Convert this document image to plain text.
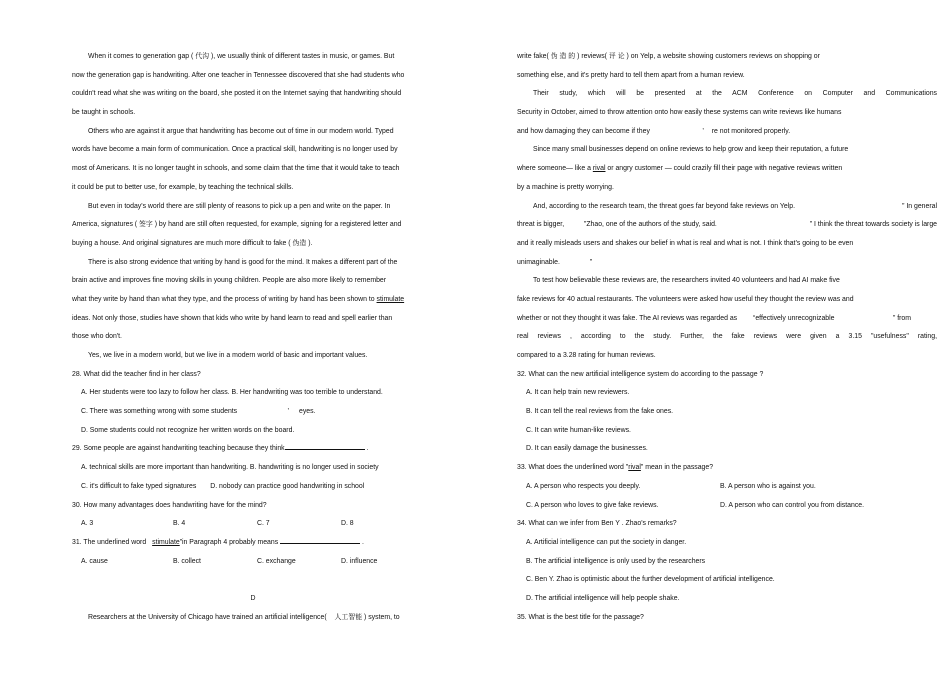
When it comes to generation gap ( 代沟 ), we usually think of different tastes in music, or games. But
now the generation gap is handwriting. After one teacher in Tennessee discovered that she had students who
couldn't read what she was writing on the board, she posted it on the Internet saying that handwriting should
be taught in schools.
Others who are against it argue that handwriting has become out of time in our modern world. Typed
words have become a main form of communication. Once a practical skill, handwriting is no longer used by
most of Americans. It is no longer taught in schools, and some claim that the time that it would take to teach
it could be put to better use, for example, by teaching the technical skills.
But even in today's world there are still plenty of reasons to pick up a pen and write on the paper. In
America, signatures ( 签字 ) by hand are still often requested, for example, signing for a registered letter and
buying a house. And original signatures are much more difficult to fake ( 伪造 ).
There is also strong evidence that writing by hand is good for the mind. It makes a different part of the
brain active and improves fine moving skills in young children. People are also more likely to remember
what they write by hand than what they type, and the process of writing by hand has been shown to stimulate
ideas. Not only those, studies have shown that kids who write by hand learn to read and spell earlier than
those who don't.
Yes, we live in a modern world, but we live in a modern world of basic and important values.
28. What did the teacher find in her class?
A. Her students were too lazy to follow her class. B. Her handwriting was too terrible to understand.
C. There was something wrong with some students	’ eyes.
D. Some students could not recognize her written words on the board.
29. Some people are against handwriting teaching because they think	.
A. technical skills are more important than handwriting. B. handwriting is no longer used in society
C. it's difficult to fake typed signatures D. nobody can practice good handwriting in school
30. How many advantages does handwriting have for the mind?
A. 3	B. 4	C. 7	D. 8
31. The underlined word stimulate”in Paragraph 4 probably means	.
A. cause	B. collect	C. exchange	D. influence
D
Researchers at the University of Chicago have trained an artificial intelligence( 人工智能 ) system, to
write fake( 伪 造 的 ) reviews( 评 论 ) on Yelp, a website showing customers reviews on shopping or
something else, and it's pretty hard to tell them apart from a human review.
Their study, which will be presented at the ACM Conference on Computer and Communications
Security in October, aimed to throw attention onto how easily these systems can write reviews like humans
and how damaging they can become if they	’ re not monitored properly.
Since many small businesses depend on online reviews to help grow and keep their reputation, a future
where someone— like a rival or angry customer — could crazily fill their page with negative reviews written
by a machine is pretty worrying.
And, according to the research team, the threat goes far beyond fake reviews on Yelp.	” In general
threat is bigger,	”Zhao, one of the authors of the study, said.	” I think the threat towards society is large
and it really misleads users and shakes our belief in what is real and what is not. I think that’s going to be even
unimaginable.	”
To test how believable these reviews are, the researchers invited 40 volunteers and had AI make five
fake reviews for 40 actual restaurants. The volunteers were asked how useful they thought the review was and
whether or not they thought it was fake. The AI reviews was regarded as “effectively unrecognizable	” from
real reviews , according to the study. Further, the fake reviews were given a 3.15 "usefulness" rating,
compared to a 3.28 rating for human reviews.
32. What can the new artificial intelligence system do according to the passage ?
A. It can help train new reviewers.
B. It can tell the real reviews from the fake ones.
C. It can write human-like reviews.
D. It can easily damage the businesses.
33. What does the underlined word "rival" mean in the passage?
A. A person who respects you deeply.	B. A person who is against you.
C. A person who loves to give fake reviews.	D. A person who can control you from distance.
34. What can we infer from Ben Y . Zhao's remarks?
A. Artificial intelligence can put the society in danger.
B. The artificial intelligence is only used by the researchers
C. Ben Y. Zhao is optimistic about the further development of artificial intelligence.
D. The artificial intelligence will help people shake.
35. What is the best title for the passage?
